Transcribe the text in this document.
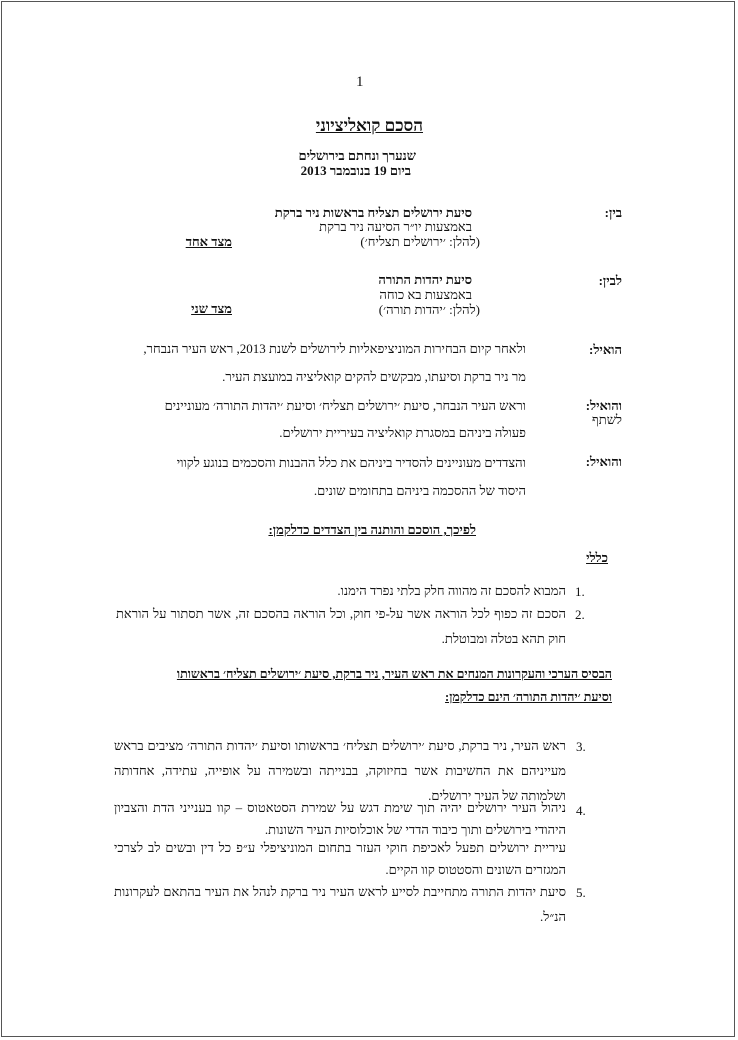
1
הסכם קואליציוני
שנערך ונחתם בירושלים
ביום 19 בנובמבר 2013
בין:
סיעת ירושלים תצליח בראשות ניר ברקת
באמצעות יו״ר הסיעה ניר ברקת
(להלן: ׳ירושלים תצליח׳)
מצד אחד
לבין:
סיעת יהדות התורה
באמצעות בא כוחה
(להלן: ׳יהדות תורה׳)
מצד שני
הואיל:
ולאחר קיום הבחירות המוניציפאליות לירושלים לשנת 2013, ראש העיר הנבחר,
מר ניר ברקת וסיעתו, מבקשים להקים קואליציה במועצת העיר.
והואיל:
לשתף
וראש העיר הנבחר, סיעת ׳ירושלים תצליח׳ וסיעת ׳יהדות התורה׳ מעוניינים
פעולה ביניהם במסגרת קואליציה בעיריית ירושלים.
והואיל:
והצדדים מעוניינים להסדיר ביניהם את כלל ההבנות והסכמים בנוגע לקווי
היסוד של ההסכמה ביניהם בתחומים שונים.
לפיכך, הוסכם והותנה בין הצדדים כדלקמן:
כללי
1.
המבוא להסכם זה מהווה חלק בלתי נפרד הימנו.
2.
הסכם זה כפוף לכל הוראה אשר על-פי חוק, וכל הוראה בהסכם זה, אשר תסתור על הוראת חוק תהא בטלה ומבוטלת.
הבסיס הערכי והעקרונות המנחים את ראש העיר, ניר ברקת, סיעת ׳ירושלים תצליח׳ בראשותו
וסיעת ׳יהדות התורה׳ הינם כדלקמן:
3.
ראש העיר, ניר ברקת, סיעת ׳ירושלים תצליח׳ בראשותו וסיעת ׳יהדות התורה׳ מציבים בראש מעייניהם את החשיבות אשר בחיזוקה, בבנייתה ובשמירה על אופייה, עתידה, אחדותה ושלמותה של העיר ירושלים.
4.
ניהול העיר ירושלים יהיה תוך שימת דגש על שמירת הסטאטוס – קוו בענייני הדת והצביון היהודי בירושלים ותוך כיבוד הדדי של אוכלוסיות העיר השונות.
עיריית ירושלים תפעל לאכיפת חוקי העזר בתחום המוניציפלי ע״פ כל דין ובשים לב לצרכי המגזרים השונים והסטטוס קוו הקיים.
5.
סיעת יהדות התורה מתחייבת לסייע לראש העיר ניר ברקת לנהל את העיר בהתאם לעקרונות הנ״ל.
